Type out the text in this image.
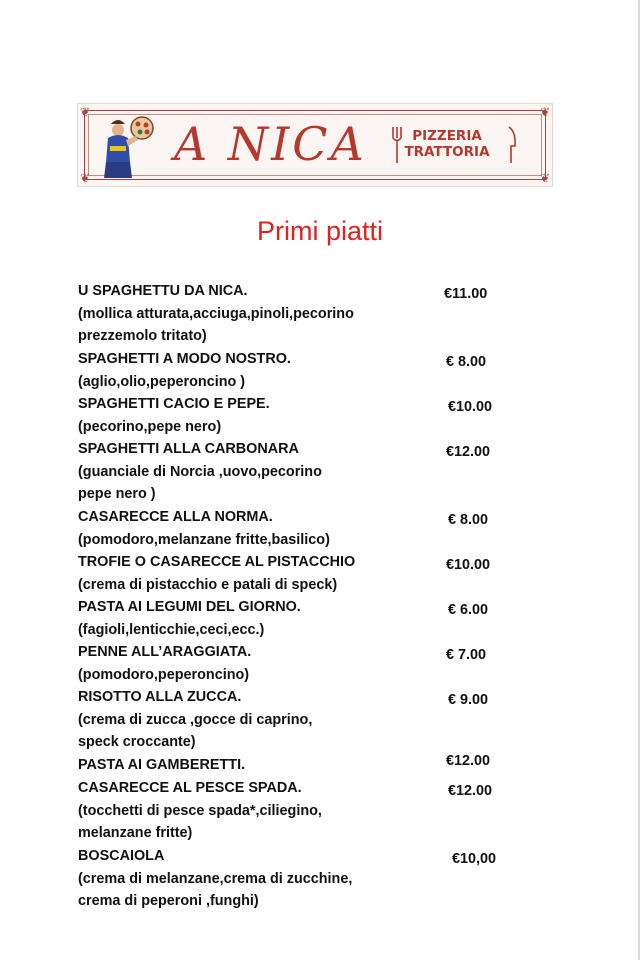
❦	❦
❦	❦
A NICA	PIZZERIA
TRATTORIA
Primi piatti
U SPAGHETTU DA NICA.
(mollica atturata,acciuga,pinoli,pecorino
prezzemolo tritato)
€11.00
SPAGHETTI A MODO NOSTRO.
(aglio,olio,peperoncino )
€ 8.00
SPAGHETTI CACIO E PEPE.
(pecorino,pepe nero)
€10.00
SPAGHETTI ALLA CARBONARA
(guanciale di Norcia ,uovo,pecorino
pepe nero )
€12.00
CASARECCE ALLA NORMA.
(pomodoro,melanzane fritte,basilico)
€ 8.00
TROFIE O CASARECCE AL PISTACCHIO
(crema di pistacchio e patali di speck)
€10.00
PASTA AI LEGUMI DEL GIORNO.
(fagioli,lenticchie,ceci,ecc.)
€ 6.00
PENNE ALL’ARAGGIATA.
(pomodoro,peperoncino)
€ 7.00
RISOTTO ALLA ZUCCA.
(crema di zucca ,gocce di caprino,
speck croccante)
€ 9.00
PASTA AI GAMBERETTI.	€12.00
CASARECCE AL PESCE SPADA.
(tocchetti di pesce spada*,ciliegino,
melanzane fritte)
€12.00
BOSCAIOLA
(crema di melanzane,crema di zucchine,
crema di peperoni ,funghi)
€10,00
